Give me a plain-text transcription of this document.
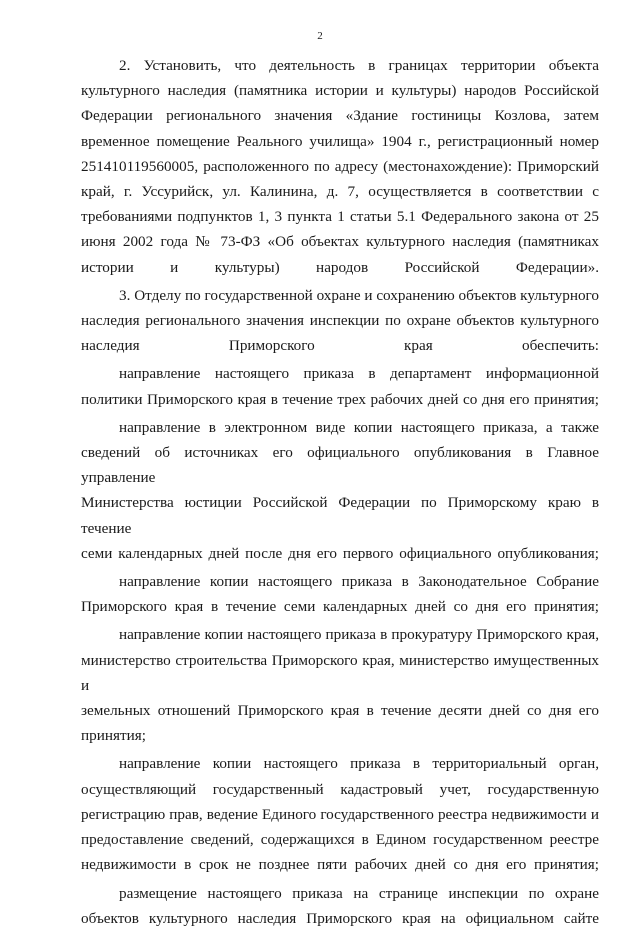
2

2. Установить, что деятельность в границах территории объекта
культурного наследия (памятника истории и культуры) народов Российской
Федерации регионального значения «Здание гостиницы Козлова, затем
временное помещение Реального училища» 1904 г., регистрационный номер
251410119560005, расположенного по адресу (местонахождение): Приморский
край, г. Уссурийск, ул. Калинина, д. 7, осуществляется в соответствии с
требованиями подпунктов 1, 3 пункта 1 статьи 5.1 Федерального закона от 25
июня 2002 года № 73-ФЗ «Об объектах культурного наследия (памятниках
истории и культуры) народов Российской Федерации».

3. Отделу по государственной охране и сохранению объектов культурного
наследия регионального значения инспекции по охране объектов культурного
наследия Приморского края обеспечить:

направление настоящего приказа в департамент информационной
политики Приморского края в течение трех рабочих дней со дня его принятия;

направление в электронном виде копии настоящего приказа, а также
сведений об источниках его официального опубликования в Главное управление
Министерства юстиции Российской Федерации по Приморскому краю в течение
семи календарных дней после дня его первого официального опубликования;

направление копии настоящего приказа в Законодательное Собрание
Приморского края в течение семи календарных дней со дня его принятия;

направление копии настоящего приказа в прокуратуру Приморского края,
министерство строительства Приморского края, министерство имущественных и
земельных отношений Приморского края в течение десяти дней со дня его
принятия;

направление копии настоящего приказа в территориальный орган,
осуществляющий государственный кадастровый учет, государственную
регистрацию прав, ведение Единого государственного реестра недвижимости и
предоставление сведений, содержащихся в Едином государственном реестре
недвижимости в срок не позднее пяти рабочих дней со дня его принятия;

размещение настоящего приказа на странице инспекции по охране
объектов культурного наследия Приморского края на официальном сайте
